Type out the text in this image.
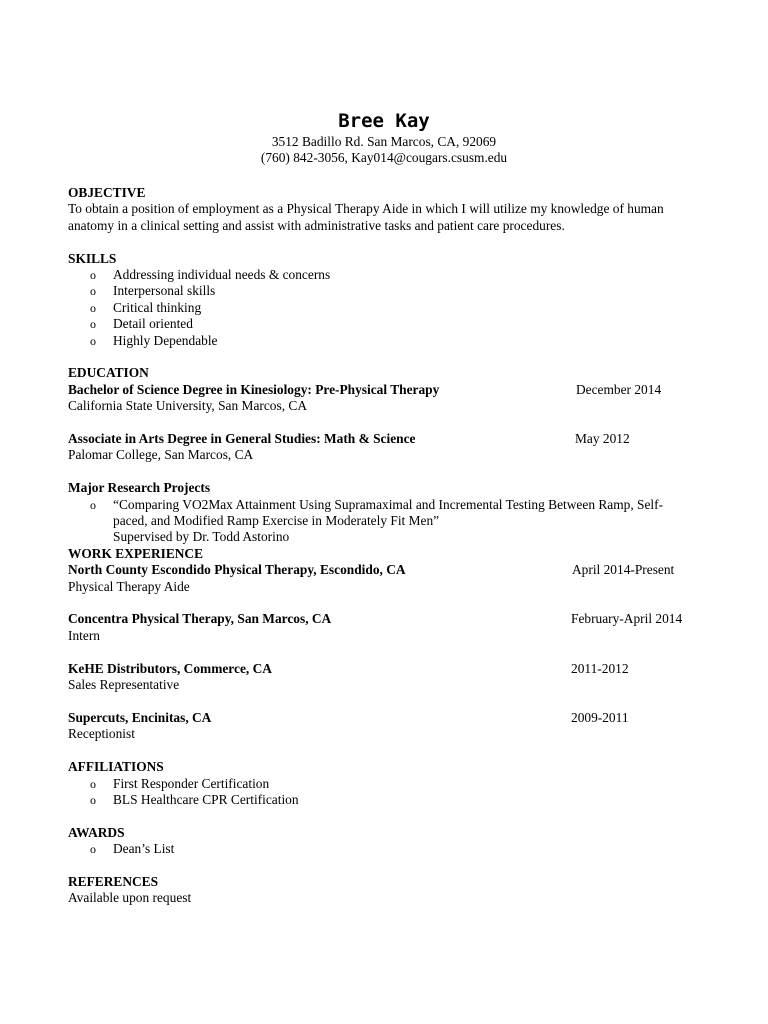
Bree Kay
3512 Badillo Rd. San Marcos, CA, 92069
(760) 842-3056, Kay014@cougars.csusm.edu
OBJECTIVE
To obtain a position of employment as a Physical Therapy Aide in which I will utilize my knowledge of human
anatomy in a clinical setting and assist with administrative tasks and patient care procedures.
SKILLS
o Addressing individual needs & concerns
o Interpersonal skills
o Critical thinking
o Detail oriented
o Highly Dependable
EDUCATION
Bachelor of Science Degree in Kinesiology: Pre-Physical Therapy	December 2014
California State University, San Marcos, CA
Associate in Arts Degree in General Studies: Math & Science	May 2012
Palomar College, San Marcos, CA
Major Research Projects
o “Comparing VO2Max Attainment Using Supramaximal and Incremental Testing Between Ramp, Self-
paced, and Modified Ramp Exercise in Moderately Fit Men”
Supervised by Dr. Todd Astorino
WORK EXPERIENCE
North County Escondido Physical Therapy, Escondido, CA	April 2014-Present
Physical Therapy Aide
Concentra Physical Therapy, San Marcos, CA	February-April 2014
Intern
KeHE Distributors, Commerce, CA	2011-2012
Sales Representative
Supercuts, Encinitas, CA	2009-2011
Receptionist
AFFILIATIONS
o First Responder Certification
o BLS Healthcare CPR Certification
AWARDS
o Dean’s List
REFERENCES
Available upon request
